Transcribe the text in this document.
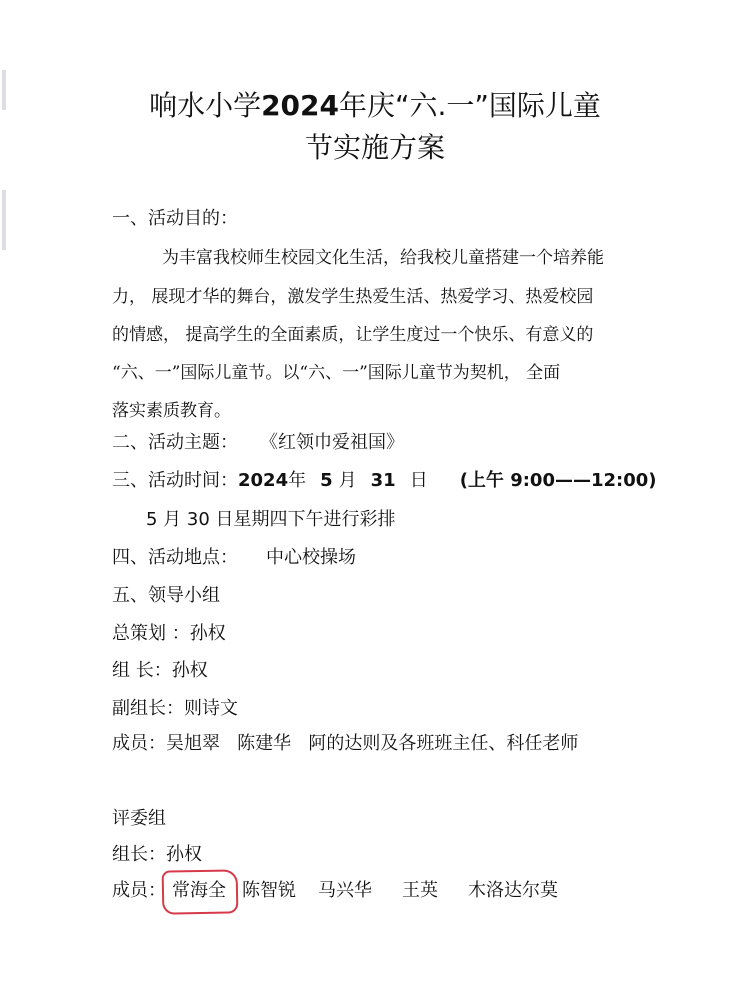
响水小学2024年庆“六.一”国际儿童
节实施方案
一、活动目的：
为丰富我校师生校园文化生活，给我校儿童搭建一个培养能
力， 展现才华的舞台，激发学生热爱生活、热爱学习、热爱校园
的情感， 提高学生的全面素质，让学生度过一个快乐、有意义的
“六、一”国际儿童节。以“六、一”国际儿童节为契机， 全面
落实素质教育。
二、活动主题： 《红领巾爱祖国》
三、活动时间：2024年 5 月 31 日 (上午 9:00——12:00)
5 月 30 日星期四下午进行彩排
四、活动地点： 中心校操场
五、领导小组
总策划 ：孙权
组 长：孙权
副组长：则诗文
成员：吴旭翠   陈建华   阿的达则及各班班主任、科任老师
评委组
组长：孙权
成员： 常海全 陈智锐 马兴华 王英 木洛达尔莫
